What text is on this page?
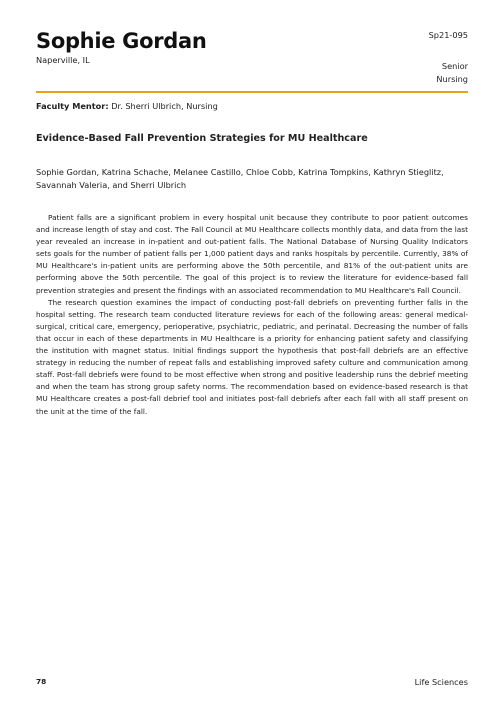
Sophie Gordan
Naperville, IL
Sp21-095
Senior
Nursing
Faculty Mentor: Dr. Sherri Ulbrich, Nursing
Evidence-Based Fall Prevention Strategies for MU Healthcare
Sophie Gordan, Katrina Schache, Melanee Castillo, Chloe Cobb, Katrina Tompkins, Kathryn Stieglitz, Savannah Valeria, and Sherri Ulbrich

Patient falls are a significant problem in every hospital unit because they contribute to poor patient outcomes and increase length of stay and cost. The Fall Council at MU Healthcare collects monthly data, and data from the last year revealed an increase in in-patient and out-patient falls. The National Database of Nursing Quality Indicators sets goals for the number of patient falls per 1,000 patient days and ranks hospitals by percentile. Currently, 38% of MU Healthcare's in-patient units are performing above the 50th percentile, and 81% of the out-patient units are performing above the 50th percentile. The goal of this project is to review the literature for evidence-based fall prevention strategies and present the findings with an associated recommendation to MU Healthcare's Fall Council.

The research question examines the impact of conducting post-fall debriefs on preventing further falls in the hospital setting. The research team conducted literature reviews for each of the following areas: general medical-surgical, critical care, emergency, perioperative, psychiatric, pediatric, and perinatal. Decreasing the number of falls that occur in each of these departments in MU Healthcare is a priority for enhancing patient safety and classifying the institution with magnet status. Initial findings support the hypothesis that post-fall debriefs are an effective strategy in reducing the number of repeat falls and establishing improved safety culture and communication among staff. Post-fall debriefs were found to be most effective when strong and positive leadership runs the debrief meeting and when the team has strong group safety norms. The recommendation based on evidence-based research is that MU Healthcare creates a post-fall debrief tool and initiates post-fall debriefs after each fall with all staff present on the unit at the time of the fall.

78	Life Sciences
